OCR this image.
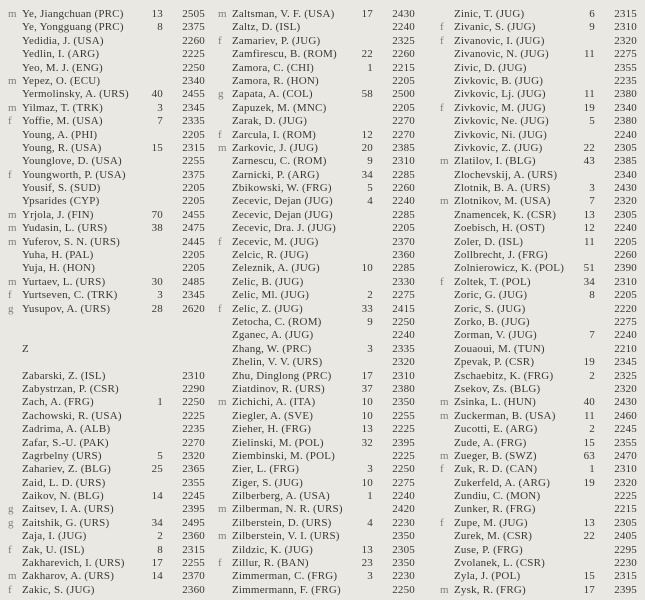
m Ye, Jiangchuan (PRC)	13	2505
Ye, Yongguang (PRC)	8	2375
Yedidia, J. (USA)	2260
Yedlin, I. (ARG)	2225
Yeo, M. J. (ENG)	2250
m Yepez, O. (ECU)	2340
Yermolinsky, A. (URS)	40	2455
m Yilmaz, T. (TRK)	3	2345
f Yoffie, M. (USA)	7	2335
Young, A. (PHI)	2205
Young, R. (USA)	15	2315
Younglove, D. (USA)	2255
f Youngworth, P. (USA)	2375
Yousif, S. (SUD)	2205
Ypsarides (CYP)	2205
m Yrjola, J. (FIN)	70	2455
m Yudasin, L. (URS)	38	2475
m Yuferov, S. N. (URS)	2445
Yuha, H. (PAL)	2205
Yuja, H. (HON)	2205
m Yurtaev, L. (URS)	30	2485
f Yurtseven, C. (TRK)	3	2345
g Yusupov, A. (URS)	28	2620
Z
Zabarski, Z. (ISL)	2310
Zabystrzan, P. (CSR)	2290
Zach, A. (FRG)	1	2250
Zachowski, R. (USA)	2225
Zadrima, A. (ALB)	2235
Zafar, S.-U. (PAK)	2270
Zagrbelny (URS)	5	2320
Zahariev, Z. (BLG)	25	2365
Zaid, L. D. (URS)	2355
Zaikov, N. (BLG)	14	2245
g Zaitsev, I. A. (URS)	2395
g Zaitshik, G. (URS)	34	2495
Zaja, I. (JUG)	2	2360
f Zak, U. (ISL)	8	2315
Zakharevich, I. (URS)	17	2255
m Zakharov, A. (URS)	14	2370
f Zakic, S. (JUG)	2360
m Zaltsman, V. F. (USA)	17	2430
Zaltz, D. (ISL)	2240
f Zamariev, P. (JUG)	2325
Zamfirescu, B. (ROM)	22	2260
Zamora, C. (CHI)	1	2215
Zamora, R. (HON)	2205
g Zapata, A. (COL)	58	2500
Zapuzek, M. (MNC)	2205
Zarak, D. (JUG)	2270
f Zarcula, I. (ROM)	12	2270
m Zarkovic, J. (JUG)	20	2385
Zarnescu, C. (ROM)	9	2310
Zarnicki, P. (ARG)	34	2285
Zbikowski, W. (FRG)	5	2260
Zecevic, Dejan (JUG)	4	2240
Zecevic, Dejan (JUG)	2285
Zecevic, Dra. J. (JUG)	2205
f Zecevic, M. (JUG)	2370
Zelcic, R. (JUG)	2360
Zeleznik, A. (JUG)	10	2285
Zelic, B. (JUG)	2330
Zelic, Ml. (JUG)	2	2275
f Zelic, Z. (JUG)	33	2415
Zetocha, C. (ROM)	9	2250
Zganec, A. (JUG)	2240
Zhang, W. (PRC)	3	2335
Zhelin, V. V. (URS)	2320
Zhu, Dinglong (PRC)	17	2310
Ziatdinov, R. (URS)	37	2380
m Zichichi, A. (ITA)	10	2350
Ziegler, A. (SVE)	10	2255
Zieher, H. (FRG)	13	2225
Zielinski, M. (POL)	32	2395
Ziembinski, M. (POL)	2225
Zier, L. (FRG)	3	2250
Ziger, S. (JUG)	10	2275
Zilberberg, A. (USA)	1	2240
m Zilberman, N. R. (URS)	2420
Zilberstein, D. (URS)	4	2230
m Zilberstein, V. I. (URS)	2350
Zildzic, K. (JUG)	13	2305
f Zillur, R. (BAN)	23	2350
Zimmerman, C. (FRG)	3	2230
Zimmermann, F. (FRG)	2250
Zinic, T. (JUG)	6	2315
f Zivanic, S. (JUG)	9	2310
f Zivanovic, I. (JUG)	2320
Zivanovic, N. (JUG)	11	2275
Zivic, D. (JUG)	2355
Zivkovic, B. (JUG)	2235
Zivkovic, Lj. (JUG)	11	2380
f Zivkovic, M. (JUG)	19	2340
Zivkovic, Ne. (JUG)	5	2380
Zivkovic, Ni. (JUG)	2240
Zivkovic, Z. (JUG)	22	2305
m Zlatilov, I. (BLG)	43	2385
Zlochevskij, A. (URS)	2340
Zlotnik, B. A. (URS)	3	2430
m Zlotnikov, M. (USA)	7	2320
Znamencek, K. (CSR)	13	2305
Zoebisch, H. (OST)	12	2240
Zoler, D. (ISL)	11	2205
Zollbrecht, J. (FRG)	2260
Zolnierowicz, K. (POL)	51	2390
f Zoltek, T. (POL)	34	2310
Zoric, G. (JUG)	8	2205
Zoric, S. (JUG)	2220
Zorko, B. (JUG)	2275
Zorman, V. (JUG)	7	2240
Zouaoui, M. (TUN)	2210
Zpevak, P. (CSR)	19	2345
Zschaebitz, K. (FRG)	2	2325
Zsekov, Zs. (BLG)	2320
m Zsinka, L. (HUN)	40	2430
m Zuckerman, B. (USA)	11	2460
Zucotti, E. (ARG)	2	2245
Zude, A. (FRG)	15	2355
m Zueger, B. (SWZ)	63	2470
f Zuk, R. D. (CAN)	1	2310
Zukerfeld, A. (ARG)	19	2320
Zundiu, C. (MON)	2225
Zunker, R. (FRG)	2215
f Zupe, M. (JUG)	13	2305
Zurek, M. (CSR)	22	2405
Zuse, P. (FRG)	2295
Zvolanek, L. (CSR)	2230
Zyla, J. (POL)	15	2315
m Zysk, R. (FRG)	17	2395
